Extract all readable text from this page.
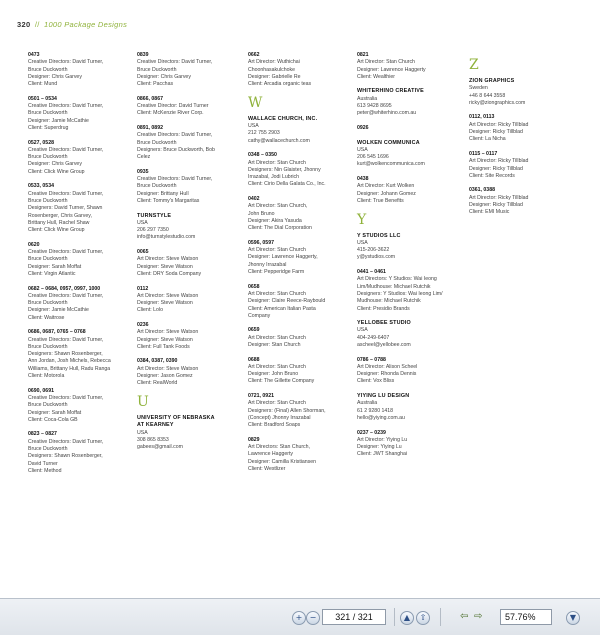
320 // 1000 Package Designs
0473
Creative Directors: David Turner,
Bruce Duckworth
Designer: Chris Garvey
Client: Mund
0501 – 0534
Creative Directors: David Turner,
Bruce Duckworth
Designer: Jamie McCathie
Client: Superdrug
0527, 0528
Creative Directors: David Turner,
Bruce Duckworth
Designer: Chris Garvey
Client: Click Wine Group
0533, 0534
Creative Directors: David Turner,
Bruce Duckworth
Designers: David Turner, Shawn
Rosenberger, Chris Garvey,
Brittany Hull, Rachel Shaw
Client: Click Wine Group
0620
Creative Directors: David Turner,
Bruce Duckworth
Designer: Sarah Moffat
Client: Virgin Atlantic
0682 – 0684, 0957, 0997, 1000
Creative Directors: David Turner,
Bruce Duckworth
Designer: Jamie McCathie
Client: Waitrose
0686, 0687, 0765 – 0768
Creative Directors: David Turner,
Bruce Duckworth
Designers: Shawn Rosenberger,
Ann Jordan, Josh Michels, Rebecca
Williams, Brittany Hull, Radu Ranga
Client: Motorola
0690, 0691
Creative Directors: David Turner,
Bruce Duckworth
Designer: Sarah Moffat
Client: Coca-Cola GB
0823 – 0827
Creative Directors: David Turner,
Bruce Duckworth
Designers: Shawn Rosenberger,
David Turner
Client: Method
0839
Creative Directors: David Turner,
Bruce Duckworth
Designer: Chris Garvey
Client: Pacchas
0866, 0867
Creative Director: David Turner
Client: McKenzie River Corp.
0891, 0892
Creative Directors: David Turner,
Bruce Duckworth
Designers: Bruce Duckworth, Bob
Celez
0935
Creative Directors: David Turner,
Bruce Duckworth
Designer: Brittany Hull
Client: Tommy's Margaritas
TURNSTYLE
USA
206 297 7350
info@turnstylestudio.com
0065
Art Director: Steve Watson
Designer: Steve Watson
Client: DRY Soda Company
0112
Art Director: Steve Watson
Designer: Steve Watson
Client: Lolo
0236
Art Director: Steve Watson
Designer: Steve Watson
Client: Full Tank Foods
0384, 0387, 0390
Art Director: Steve Watson
Designer: Jason Gomez
Client: RealWorld
U
UNIVERSITY OF NEBRASKA
AT KEARNEY
USA
308 865 8353
gabees@gmail.com
0662
Art Director: Wuthichai
Choonhasakulchoke
Designer: Gabrielle Re
Client: Arcadia organic teas
W
WALLACE CHURCH, INC.
USA
212 755 2903
cathy@wallacechurch.com
0348 – 0350
Art Director: Stan Church
Designers: Nin Glaister, Jhonny
Irrazabal, Jodi Lubrich
Client: Cirio Della Galata Co., Inc.
0402
Art Director: Stan Church,
John Bruno
Designer: Akira Yasuda
Client: The Dial Corporation
0596, 0597
Art Director: Stan Church
Designer: Lawrence Haggerty,
Jhonny Irrazabal
Client: Pepperidge Farm
0658
Art Director: Stan Church
Designer: Claire Reece-Raybould
Client: American Italian Pasta
Company
0659
Art Director: Stan Church
Designer: Stan Church
0688
Art Director: Stan Church
Designer: John Bruno
Client: The Gillette Company
0721, 0921
Art Director: Stan Church
Designers: (Final) Allen Shorman,
(Concept) Jhonny Irrazabal
Client: Bradford Soaps
0829
Art Directors: Stan Church,
Lawrence Haggerty
Designer: Camilla Kristiansen
Client: Westlizer
0821
Art Director: Stan Church
Designer: Lawrence Haggerty
Client: Wealthier
WHITERHINO CREATIVE
Australia
613 9428 8695
peter@whiterhino.com.au
0926
WOLKEN COMMUNICA
USA
206 545 1696
kurt@wolkencommunica.com
0438
Art Director: Kurt Wolken
Designer: Johann Gomez
Client: True Benefits
Y
Y STUDIOS LLC
USA
415-206-3622
y@ystudios.com
0441 – 0461
Art Directors: Y Studios: Wai Ieong
Lim/Mudhouse: Michael Rutchik
Designers: Y Studios: Wai Ieong Lim/
Mudhouse: Michael Rutchik
Client: Presidio Brands
YELLOBEE STUDIO
USA
404-249-6407
ascheel@yellobee.com
0786 – 0788
Art Director: Alison Scheel
Designer: Rhonda Dennis
Client: Vox Bliss
YIYING LU DESIGN
Australia
61 2 9280 1418
hello@yiying.com.au
0237 – 0239
Art Director: Yiying Lu
Designer: Yiying Lu
Client: JWT Shanghai
Z
ZION GRAPHICS
Sweden
+46 8 644 3558
ricky@ziongraphics.com
0112, 0113
Art Director: Ricky Tillblad
Designer: Ricky Tillblad
Client: La Nicha
0115 – 0117
Art Director: Ricky Tillblad
Designer: Ricky Tillblad
Client: Site Records
0361, 0388
Art Director: Ricky Tillblad
Designer: Ricky Tillblad
Client: EMI Music
+ −	321 / 321	▲	⇧	⇦ ⇨	57.76%	▼
